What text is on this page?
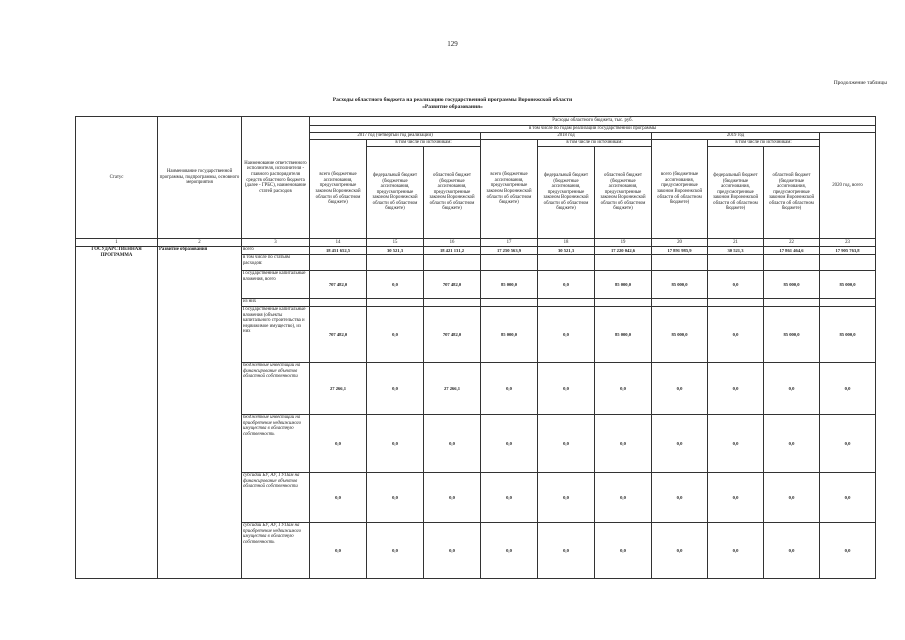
129
Продолжение таблицы
Расходы областного бюджета на реализацию государственной программы Воронежской области
«Развитие образования»
Статус	Наименование государственной программы, подпрограммы, основного мероприятия	Наименование ответственного исполнителя, исполнителя - главного распорядителя средств областного бюджета (далее - ГРБС), наименование статей расходов	Расходы областного бюджета, тыс. руб.									
			в том числе по годам реализации государственной программы									
			2017 год (четвертый год реализации)			2018 год			2019 год			2020 год, всего
			всего (бюджетные ассигнования, предусмотренные законом Воронежской области об областном бюджете)	в том числе по источникам:		всего (бюджетные ассигнования, предусмотренные законом Воронежской области об областном бюджете)	в том числе по источникам:		всего (бюджетные ассигнования, предусмотренные законом Воронежской области об областном бюджете)	в том числе по источникам:		
				федеральный бюджет (бюджетные ассигнования, предусмотренные законом Воронежской области об областном бюджете)	областной бюджет (бюджетные ассигнования, предусмотренные законом Воронежской области об областном бюджете)		федеральный бюджет (бюджетные ассигнования, предусмотренные законом Воронежской области об областном бюджете)	областной бюджет (бюджетные ассигнования, предусмотренные законом Воронежской области об областном бюджете)		федеральный бюджет (бюджетные ассигнования, предусмотренные законом Воронежской области об областном бюджете)	областной бюджет (бюджетные ассигнования, предусмотренные законом Воронежской области об областном бюджете)	
1	2	3	14	15	16	17	18	19	20	21	22	23
ГОСУДАРСТВЕННАЯ ПРОГРАММА	Развитие образования	всего	18 451 652,5	30 521,3	18 421 131,2	17 250 563,9	30 521,3	17 220 042,6	17 891 985,9	30 521,3	17 861 464,6	17 905 763,8
		в том числе по статьям расходов:										
		Государственные капитальные вложения, всего	707 482,0	0,0	707 482,0	85 000,0	0,0	85 000,0	85 000,0	0,0	85 000,0	85 000,0
		из них										
		Государственные капитальные вложения (объекты капитального строительства и недвижимое имущество), из них	707 482,0	0,0	707 482,0	85 000,0	0,0	85 000,0	85 000,0	0,0	85 000,0	85 000,0
		бюджетные инвестиции на финансирование объектов областной собственности	27 266,1	0,0	27 266,1	0,0	0,0	0,0	0,0	0,0	0,0	0,0
		бюджетные инвестиции на приобретение недвижимого имущества в областную собственность	0,0	0,0	0,0	0,0	0,0	0,0	0,0	0,0	0,0	0,0
		субсидии БУ, АУ, ГУПам на финансирование объектов областной собственности	0,0	0,0	0,0	0,0	0,0	0,0	0,0	0,0	0,0	0,0
		субсидии БУ, АУ, ГУПам на приобретение недвижимого имущества в областную собственность	0,0	0,0	0,0	0,0	0,0	0,0	0,0	0,0	0,0	0,0
